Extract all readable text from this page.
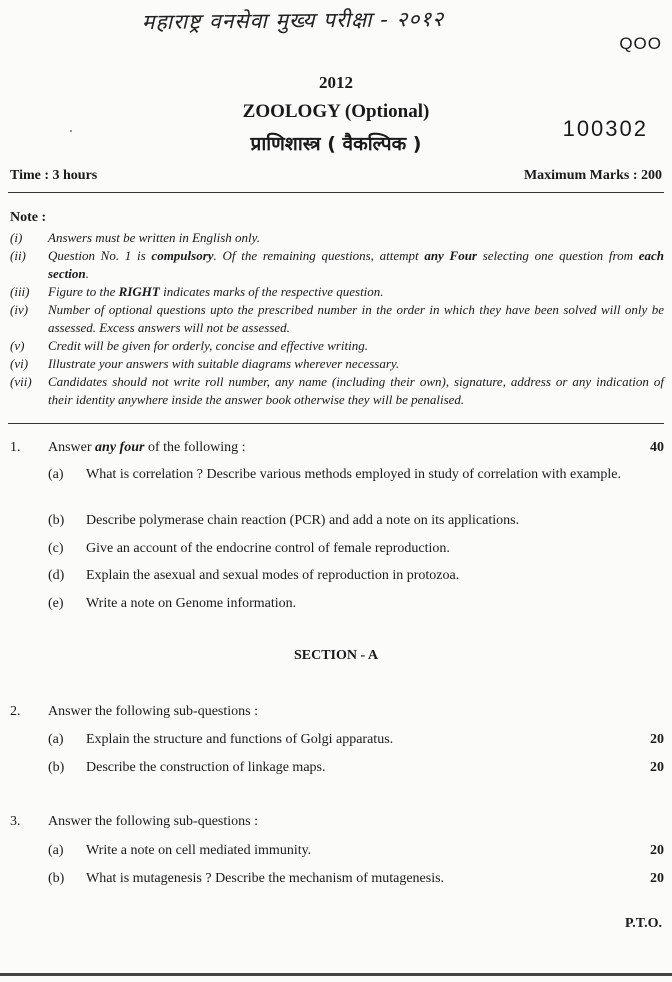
महाराष्ट्र वनसेवा मुख्य परीक्षा - २०१२
QOO
2012
ZOOLOGY (Optional)
प्राणिशास्त्र ( वैकल्पिक )
100302
Time : 3 hours	Maximum Marks : 200
Note :
(i)	Answers must be written in English only.
(ii)	Question No. 1 is compulsory. Of the remaining questions, attempt any Four selecting one question from each section.
(iii)	Figure to the RIGHT indicates marks of the respective question.
(iv)	Number of optional questions upto the prescribed number in the order in which they have been solved will only be assessed. Excess answers will not be assessed.
(v)	Credit will be given for orderly, concise and effective writing.
(vi)	Illustrate your answers with suitable diagrams wherever necessary.
(vii)	Candidates should not write roll number, any name (including their own), signature, address or any indication of their identity anywhere inside the answer book otherwise they will be penalised.
1. Answer any four of the following :	40
(a) What is correlation ? Describe various methods employed in study of correlation with example.
(b) Describe polymerase chain reaction (PCR) and add a note on its applications.
(c) Give an account of the endocrine control of female reproduction.
(d) Explain the asexual and sexual modes of reproduction in protozoa.
(e) Write a note on Genome information.
SECTION - A
2. Answer the following sub-questions :
(a) Explain the structure and functions of Golgi apparatus.	20
(b) Describe the construction of linkage maps.	20
3. Answer the following sub-questions :
(a) Write a note on cell mediated immunity.	20
(b) What is mutagenesis ? Describe the mechanism of mutagenesis.	20
P.T.O.
